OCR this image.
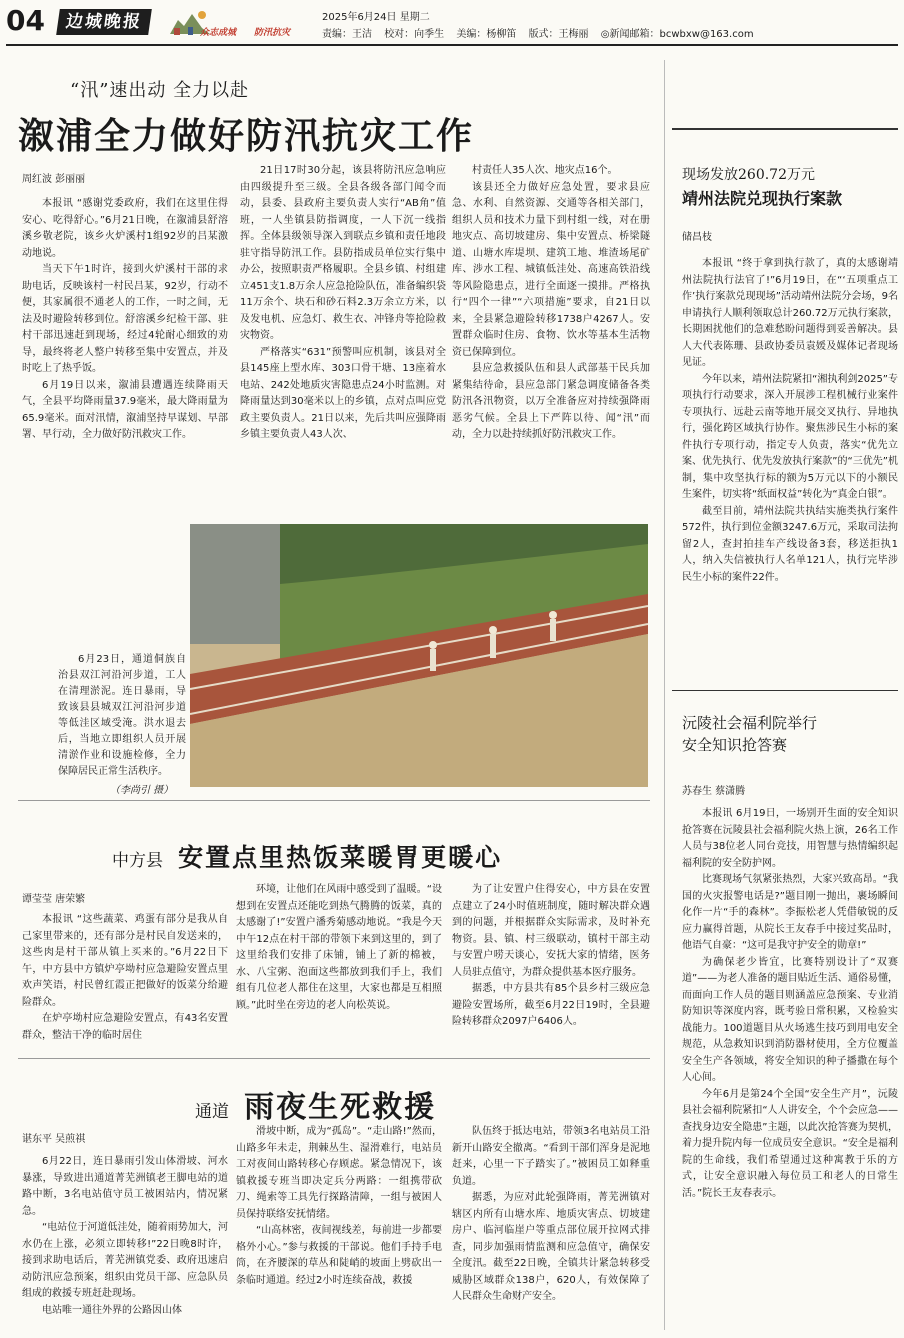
04	边城晚报
众志成城 防汛抗灾
2025年6月24日 星期二
责编：王洁 校对：向季生 美编：杨柳笛 版式：王梅丽 ◎新闻邮箱：bcwbxw@163.com
“汛”速出动 全力以赴
溆浦全力做好防汛抗灾工作
周红波 彭丽丽

本报讯 “感谢党委政府，我们在这里住得安心、吃得舒心。”6月21日晚，在溆浦县舒溶溪乡敬老院，该乡火炉溪村1组92岁的吕某激动地说。

当天下午1时许，接到火炉溪村干部的求助电话，反映该村一村民吕某，92岁，行动不便，其家属很不通老人的工作，一时之间，无法及时避险转移到位。舒溶溪乡纪检干部、驻村干部迅速赶到现场，经过4轮耐心细致的劝导，最终将老人整户转移至集中安置点，并及时吃上了热乎饭。

6月19日以来，溆浦县遭遇连续降雨天气，全县平均降雨量37.9毫米，最大降雨量为65.9毫米。面对汛情，溆浦坚持早谋划、早部署、早行动，全力做好防汛救灾工作。

21日17时30分起，该县将防汛应急响应由四级提升至三级。全县各级各部门闻令而动，县委、县政府主要负责人实行“AB角”值班，一人坐镇县防指调度，一人下沉一线指挥。全体县级领导深入到联点乡镇和责任地段驻守指导防汛工作。县防指成员单位实行集中办公，按照职责严格履职。全县乡镇、村组建立451支1.8万余人应急抢险队伍，准备编织袋11万余个、块石和砂石料2.3万余立方米，以及发电机、应急灯、救生衣、冲锋舟等抢险救灾物资。

严格落实“631”预警叫应机制，该县对全县145座上型水库、303口骨干塘、13座着水电站、242处地质灾害隐患点24小时监测。对降雨量达到30毫米以上的乡镇，点对点叫应党政主要负责人。21日以来，先后共叫应强降雨乡镇主要负责人43人次、

村责任人35人次、地灾点16个。

该县还全力做好应急处置，要求县应急、水利、自然资源、交通等各相关部门，组织人员和技术力量下到村组一线，对在册地灾点、高切坡建房、集中安置点、桥梁隧道、山塘水库堤坝、建筑工地、堆渣场尾矿库、涉水工程、城镇低洼处、高速高铁沿线等风险隐患点，进行全面逐一摸排。严格执行“四个一律”“六项措施”要求，自21日以来，全县紧急避险转移1738户4267人。安置群众临时住房、食物、饮水等基本生活物资已保障到位。

县应急救援队伍和县人武部基干民兵加紧集结待命，县应急部门紧急调度储备各类防汛各汛物资，以万全准备应对持续强降雨恶劣气候。全县上下严阵以待、闻“汛”而动，全力以赴持续抓好防汛救灾工作。

6月23日，通道侗族自治县双江河沿河步道，工人在清理淤泥。连日暴雨，导致该县县城双江河沿河步道等低洼区域受淹。洪水退去后，当地立即组织人员开展清淤作业和设施检修，全力保障居民正常生活秩序。
（李尚引 摄）
中方县 安置点里热饭菜暖胃更暖心
谭莹莹 唐荣繁

本报讯 “这些蔬菜、鸡蛋有部分是我从自己家里带来的，还有部分是村民自发送来的，这些肉是村干部从镇上买来的。”6月22日下午，中方县中方镇炉亭坳村应急避险安置点里欢声笑语，村民曾红霞正把做好的饭菜分给避险群众。

在炉亭坳村应急避险安置点，有43名安置群众，整洁干净的临时居住

环境，让他们在风雨中感受到了温暖。“设想到在安置点还能吃到热气腾腾的饭菜，真的太感谢了!”安置户潘秀菊感动地说。“我是今天中午12点在村干部的带领下来到这里的，到了这里给我们安排了床铺，铺上了新的棉被，水、八宝粥、泡面这些都放到我们手上，我们组有几位老人都住在这里，大家也都是互相照顾。”此时坐在旁边的老人向松英说。

为了让安置户住得安心，中方县在安置点建立了24小时值班制度，随时解决群众遇到的问题，并根据群众实际需求，及时补充物资。县、镇、村三级联动，镇村干部主动与安置户唠天谈心，安抚大家的情绪，医务人员驻点值守，为群众提供基本医疗服务。

据悉，中方县共有85个县乡村三级应急避险安置场所，截至6月22日19时，全县避险转移群众2097户6406人。

通道 雨夜生死救援
谌东平 吴煎祺

6月22日，连日暴雨引发山体滑坡、河水暴涨，导致进出通道菁芜洲镇老王脚电站的道路中断，3名电站值守员工被困站内，情况紧急。

“电站位于河道低洼处，随着雨势加大，河水仍在上涨，必须立即转移!”22日晚8时许，接到求助电话后，菁芜洲镇党委、政府迅速启动防汛应急预案，组织由党员干部、应急队员组成的救援专班赶赴现场。

电站唯一通往外界的公路因山体

滑坡中断，成为“孤岛”。“走山路!”然而，山路多年未走，荆棘丛生、湿滑难行，电站员工对夜间山路转移心存顾虑。紧急情况下，该镇救援专班当即决定兵分两路：一组携带砍刀、绳索等工具先行探路清障，一组与被困人员保持联络安抚情绪。

“山高林密，夜间视线差，每前进一步都要格外小心。”参与救援的干部说。他们手持手电筒，在齐腰深的草丛和陡峭的坡面上劈砍出一条临时通道。经过2小时连续奋战，救援

队伍终于抵达电站，带领3名电站员工沿新开山路安全撤离。“看到干部们浑身是泥地赶来，心里一下子踏实了。”被困员工如释重负道。

据悉，为应对此轮强降雨，菁芜洲镇对辖区内所有山塘水库、地质灾害点、切坡建房户、临河临崖户等重点部位展开拉网式排查，同步加强雨情监测和应急值守，确保安全度汛。截至22日晚，全镇共计紧急转移受威胁区域群众138户，620人，有效保障了人民群众生命财产安全。

现场发放260.72万元
靖州法院兑现执行案款
储昌枝

本报讯 “终于拿到执行款了，真的太感谢靖州法院执行法官了!”6月19日，在“‘五项重点工作’执行案款兑现现场”活动靖州法院分会场，9名申请执行人顺利领取总计260.72万元执行案款，长期困扰他们的急难愁盼问题得到妥善解决。县人大代表陈珊、县政协委员袁媛及媒体记者现场见证。

今年以来，靖州法院紧扣“湘执利剑2025”专项执行行动要求，深入开展涉工程机械行业案件专项执行、远赴云南等地开展交叉执行、异地执行，强化跨区域执行协作。聚焦涉民生小标的案件执行专项行动，指定专人负责，落实“优先立案、优先执行、优先发放执行案款”的“三优先”机制，集中攻坚执行标的额为5万元以下的小额民生案件，切实将“纸面权益”转化为“真金白银”。

截至目前，靖州法院共执结实施类执行案件572件，执行到位金额3247.6万元，采取司法拘留2人，查封拍挂车产线设备3套，移送拒执1人，纳入失信被执行人名单121人，执行完毕涉民生小标的案件22件。

沅陵社会福利院举行
安全知识抢答赛
苏春生 蔡潇腾

本报讯 6月19日，一场别开生面的安全知识抢答赛在沅陵县社会福利院火热上演，26名工作人员与38位老人同台竞技，用智慧与热情编织起福利院的安全防护网。

比赛现场气氛紧张热烈，大家兴致高昂。“我国的火灾报警电话是?”题目刚一抛出，裹场瞬间化作一片“手的森林”。李振松老人凭借敏锐的反应力赢得首题，从院长王友春手中接过奖品时，他语气自豪：“这可是我守护安全的勋章!”

为确保老少皆宜，比赛特别设计了“双赛道”——为老人准备的题目贴近生活、通俗易懂，而面向工作人员的题目则涵盖应急预案、专业消防知识等深度内容，既考验日常积累，又检验实战能力。100道题目从火场逃生技巧到用电安全规范，从急救知识到消防器材使用，全方位覆盖安全生产各领域，将安全知识的种子播撒在每个人心间。

今年6月是第24个全国“安全生产月”，沅陵县社会福利院紧扣“人人讲安全，个个会应急——查找身边安全隐患”主题，以此次抢答赛为契机，着力提升院内每一位成员安全意识。“安全是福利院的生命线，我们希望通过这种寓教于乐的方式，让安全意识融入每位员工和老人的日常生活。”院长王友春表示。
